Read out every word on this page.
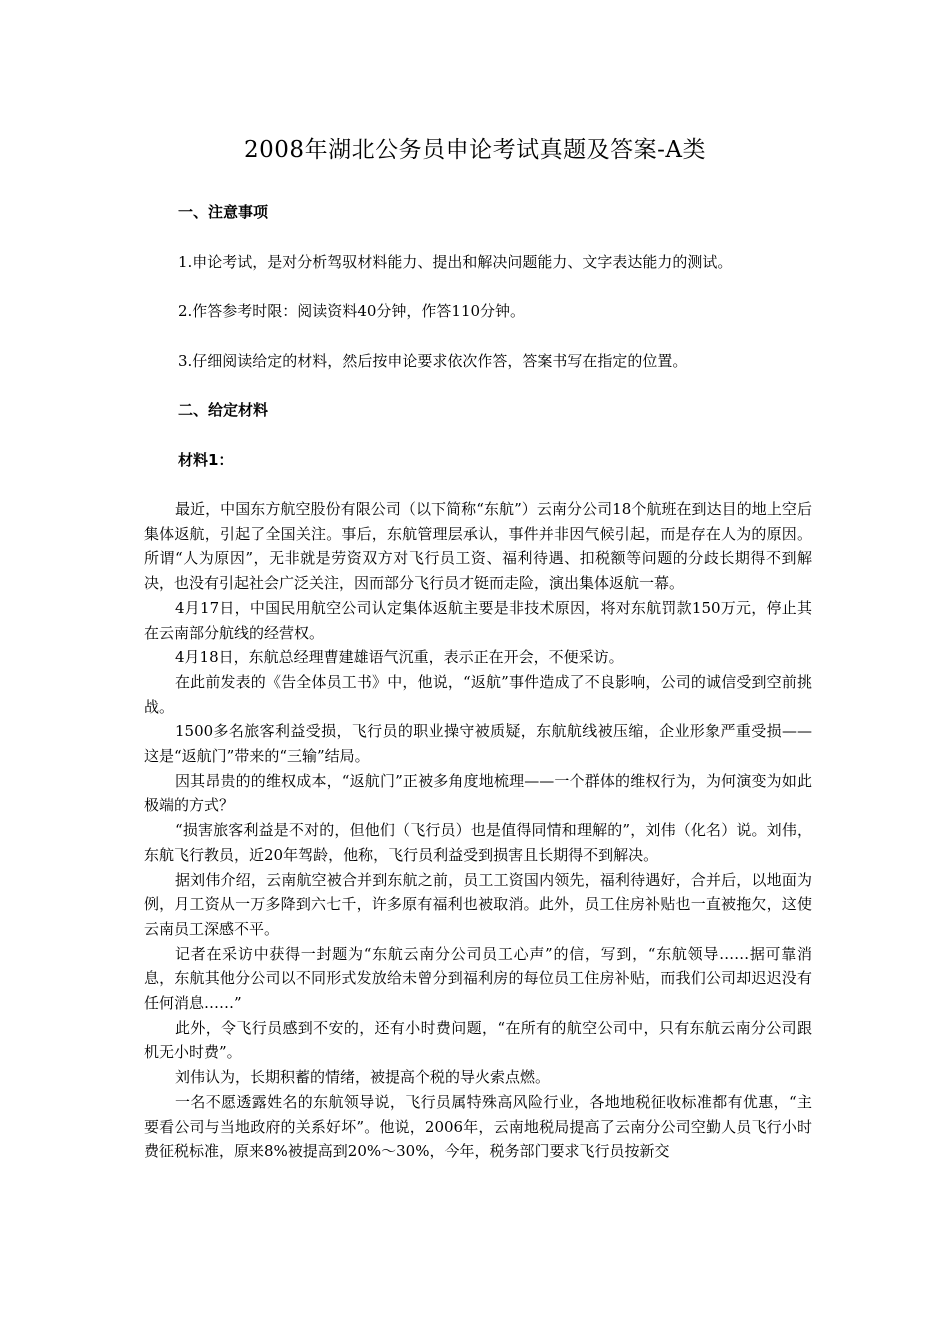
2008年湖北公务员申论考试真题及答案-A类
一、注意事项
1.申论考试，是对分析驾驭材料能力、提出和解决问题能力、文字表达能力的测试。
2.作答参考时限：阅读资料40分钟，作答110分钟。
3.仔细阅读给定的材料，然后按申论要求依次作答，答案书写在指定的位置。
二、给定材料
材料1：

最近，中国东方航空股份有限公司（以下简称“东航”）云南分公司18个航班在到达目的地上空后集体返航，引起了全国关注。事后，东航管理层承认，事件并非因气候引起，而是存在人为的原因。所谓“人为原因”，无非就是劳资双方对飞行员工资、福利待遇、扣税额等问题的分歧长期得不到解决，也没有引起社会广泛关注，因而部分飞行员才铤而走险，演出集体返航一幕。

4月17日，中国民用航空公司认定集体返航主要是非技术原因，将对东航罚款150万元，停止其在云南部分航线的经营权。

4月18日，东航总经理曹建雄语气沉重，表示正在开会，不便采访。

在此前发表的《告全体员工书》中，他说，“返航”事件造成了不良影响，公司的诚信受到空前挑战。

1500多名旅客利益受损，飞行员的职业操守被质疑，东航航线被压缩，企业形象严重受损——这是“返航门”带来的“三输”结局。

因其昂贵的的维权成本，“返航门”正被多角度地梳理——一个群体的维权行为，为何演变为如此极端的方式？

“损害旅客利益是不对的，但他们（飞行员）也是值得同情和理解的”，刘伟（化名）说。刘伟，东航飞行教员，近20年驾龄，他称，飞行员利益受到损害且长期得不到解决。

据刘伟介绍，云南航空被合并到东航之前，员工工资国内领先，福利待遇好，合并后，以地面为例，月工资从一万多降到六七千，许多原有福利也被取消。此外，员工住房补贴也一直被拖欠，这使云南员工深感不平。

记者在采访中获得一封题为“东航云南分公司员工心声”的信，写到，“东航领导……据可靠消息，东航其他分公司以不同形式发放给未曾分到福利房的每位员工住房补贴，而我们公司却迟迟没有任何消息……”

此外，令飞行员感到不安的，还有小时费问题，“在所有的航空公司中，只有东航云南分公司跟机无小时费”。

刘伟认为，长期积蓄的情绪，被提高个税的导火索点燃。

一名不愿透露姓名的东航领导说，飞行员属特殊高风险行业，各地地税征收标准都有优惠，“主要看公司与当地政府的关系好坏”。他说，2006年，云南地税局提高了云南分公司空勤人员飞行小时费征税标准，原来8%被提高到20%～30%，今年，税务部门要求飞行员按新交
